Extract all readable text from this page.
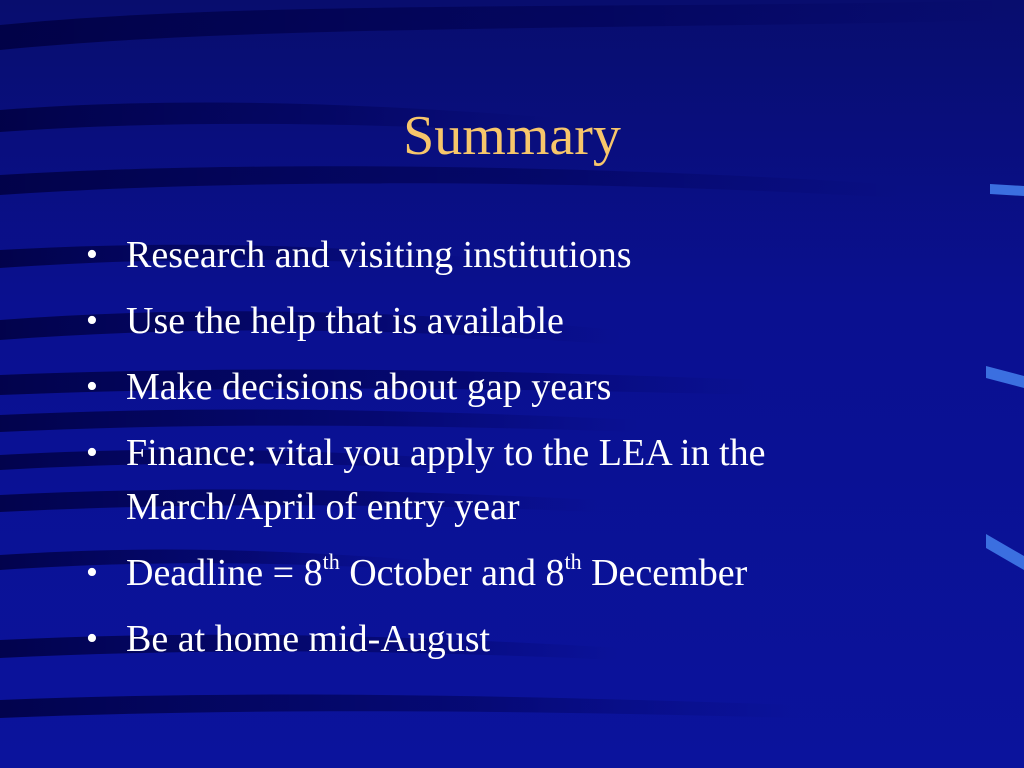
Summary
• Research and visiting institutions
• Use the help that is available
• Make decisions about gap years
• Finance: vital you apply to the LEA in the March/April of entry year
• Deadline = 8th October and 8th December
• Be at home mid-August
